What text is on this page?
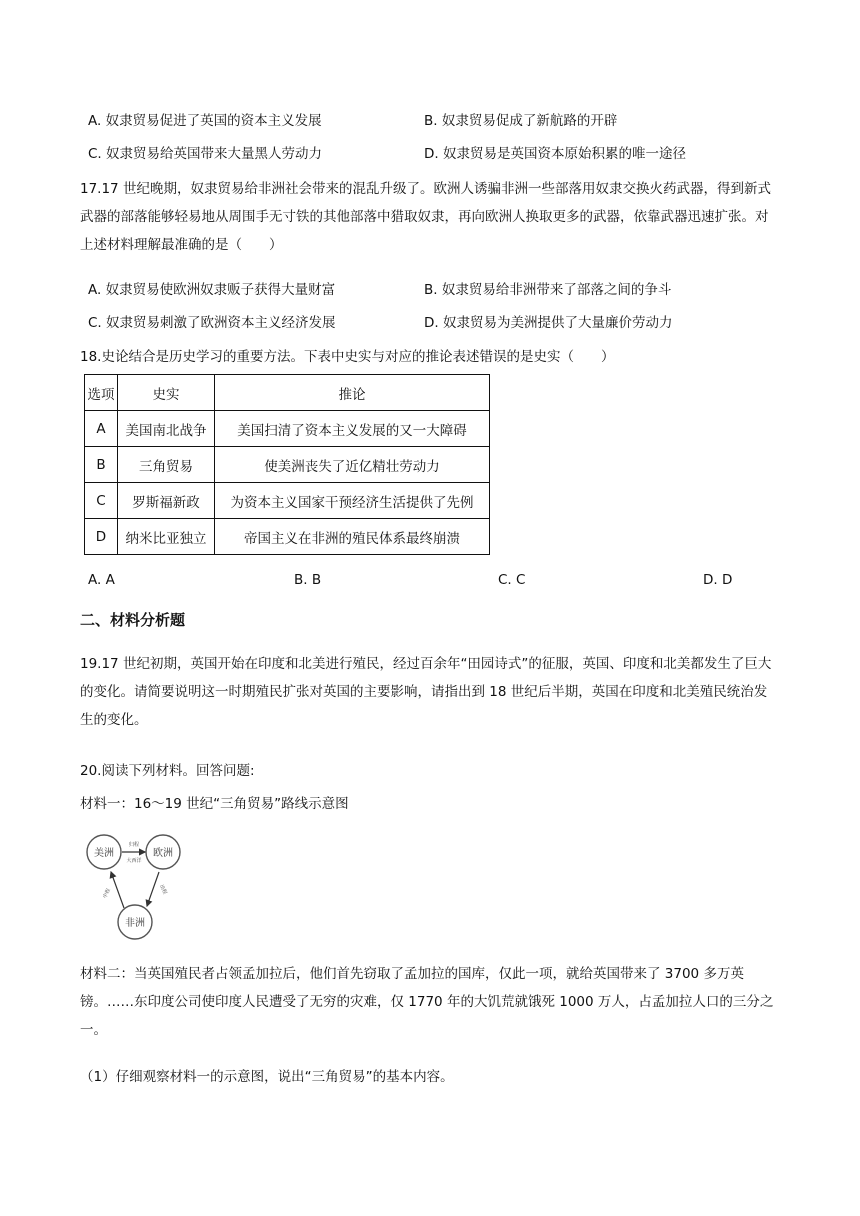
A. 奴隶贸易促进了英国的资本主义发展	B. 奴隶贸易促成了新航路的开辟
C. 奴隶贸易给英国带来大量黑人劳动力	D. 奴隶贸易是英国资本原始积累的唯一途径
17.17 世纪晚期，奴隶贸易给非洲社会带来的混乱升级了。欧洲人诱骗非洲一些部落用奴隶交换火药武器，得到新式武器的部落能够轻易地从周围手无寸铁的其他部落中猎取奴隶，再向欧洲人换取更多的武器，依靠武器迅速扩张。对上述材料理解最准确的是（　　）
A. 奴隶贸易使欧洲奴隶贩子获得大量财富	B. 奴隶贸易给非洲带来了部落之间的争斗
C. 奴隶贸易刺激了欧洲资本主义经济发展	D. 奴隶贸易为美洲提供了大量廉价劳动力
18.史论结合是历史学习的重要方法。下表中史实与对应的推论表述错误的是史实（　　）
选项	史实	推论
A	美国南北战争	美国扫清了资本主义发展的又一大障碍
B	三角贸易	使美洲丧失了近亿精壮劳动力
C	罗斯福新政	为资本主义国家干预经济生活提供了先例
D	纳米比亚独立	帝国主义在非洲的殖民体系最终崩溃
A. A	B. B	C. C	D. D
二、材料分析题
19.17 世纪初期，英国开始在印度和北美进行殖民，经过百余年“田园诗式”的征服，英国、印度和北美都发生了巨大的变化。请简要说明这一时期殖民扩张对英国的主要影响，请指出到 18 世纪后半期，英国在印度和北美殖民统治发生的变化。
20.阅读下列材料。回答问题:
材料一：16～19 世纪“三角贸易”路线示意图
美洲	欧洲
非洲
归程
大西洋
中程	出程
材料二：当英国殖民者占领孟加拉后，他们首先窃取了孟加拉的国库，仅此一项，就给英国带来了 3700 多万英镑。……东印度公司使印度人民遭受了无穷的灾难，仅 1770 年的大饥荒就饿死 1000 万人，占孟加拉人口的三分之一。
（1）仔细观察材料一的示意图，说出“三角贸易”的基本内容。
